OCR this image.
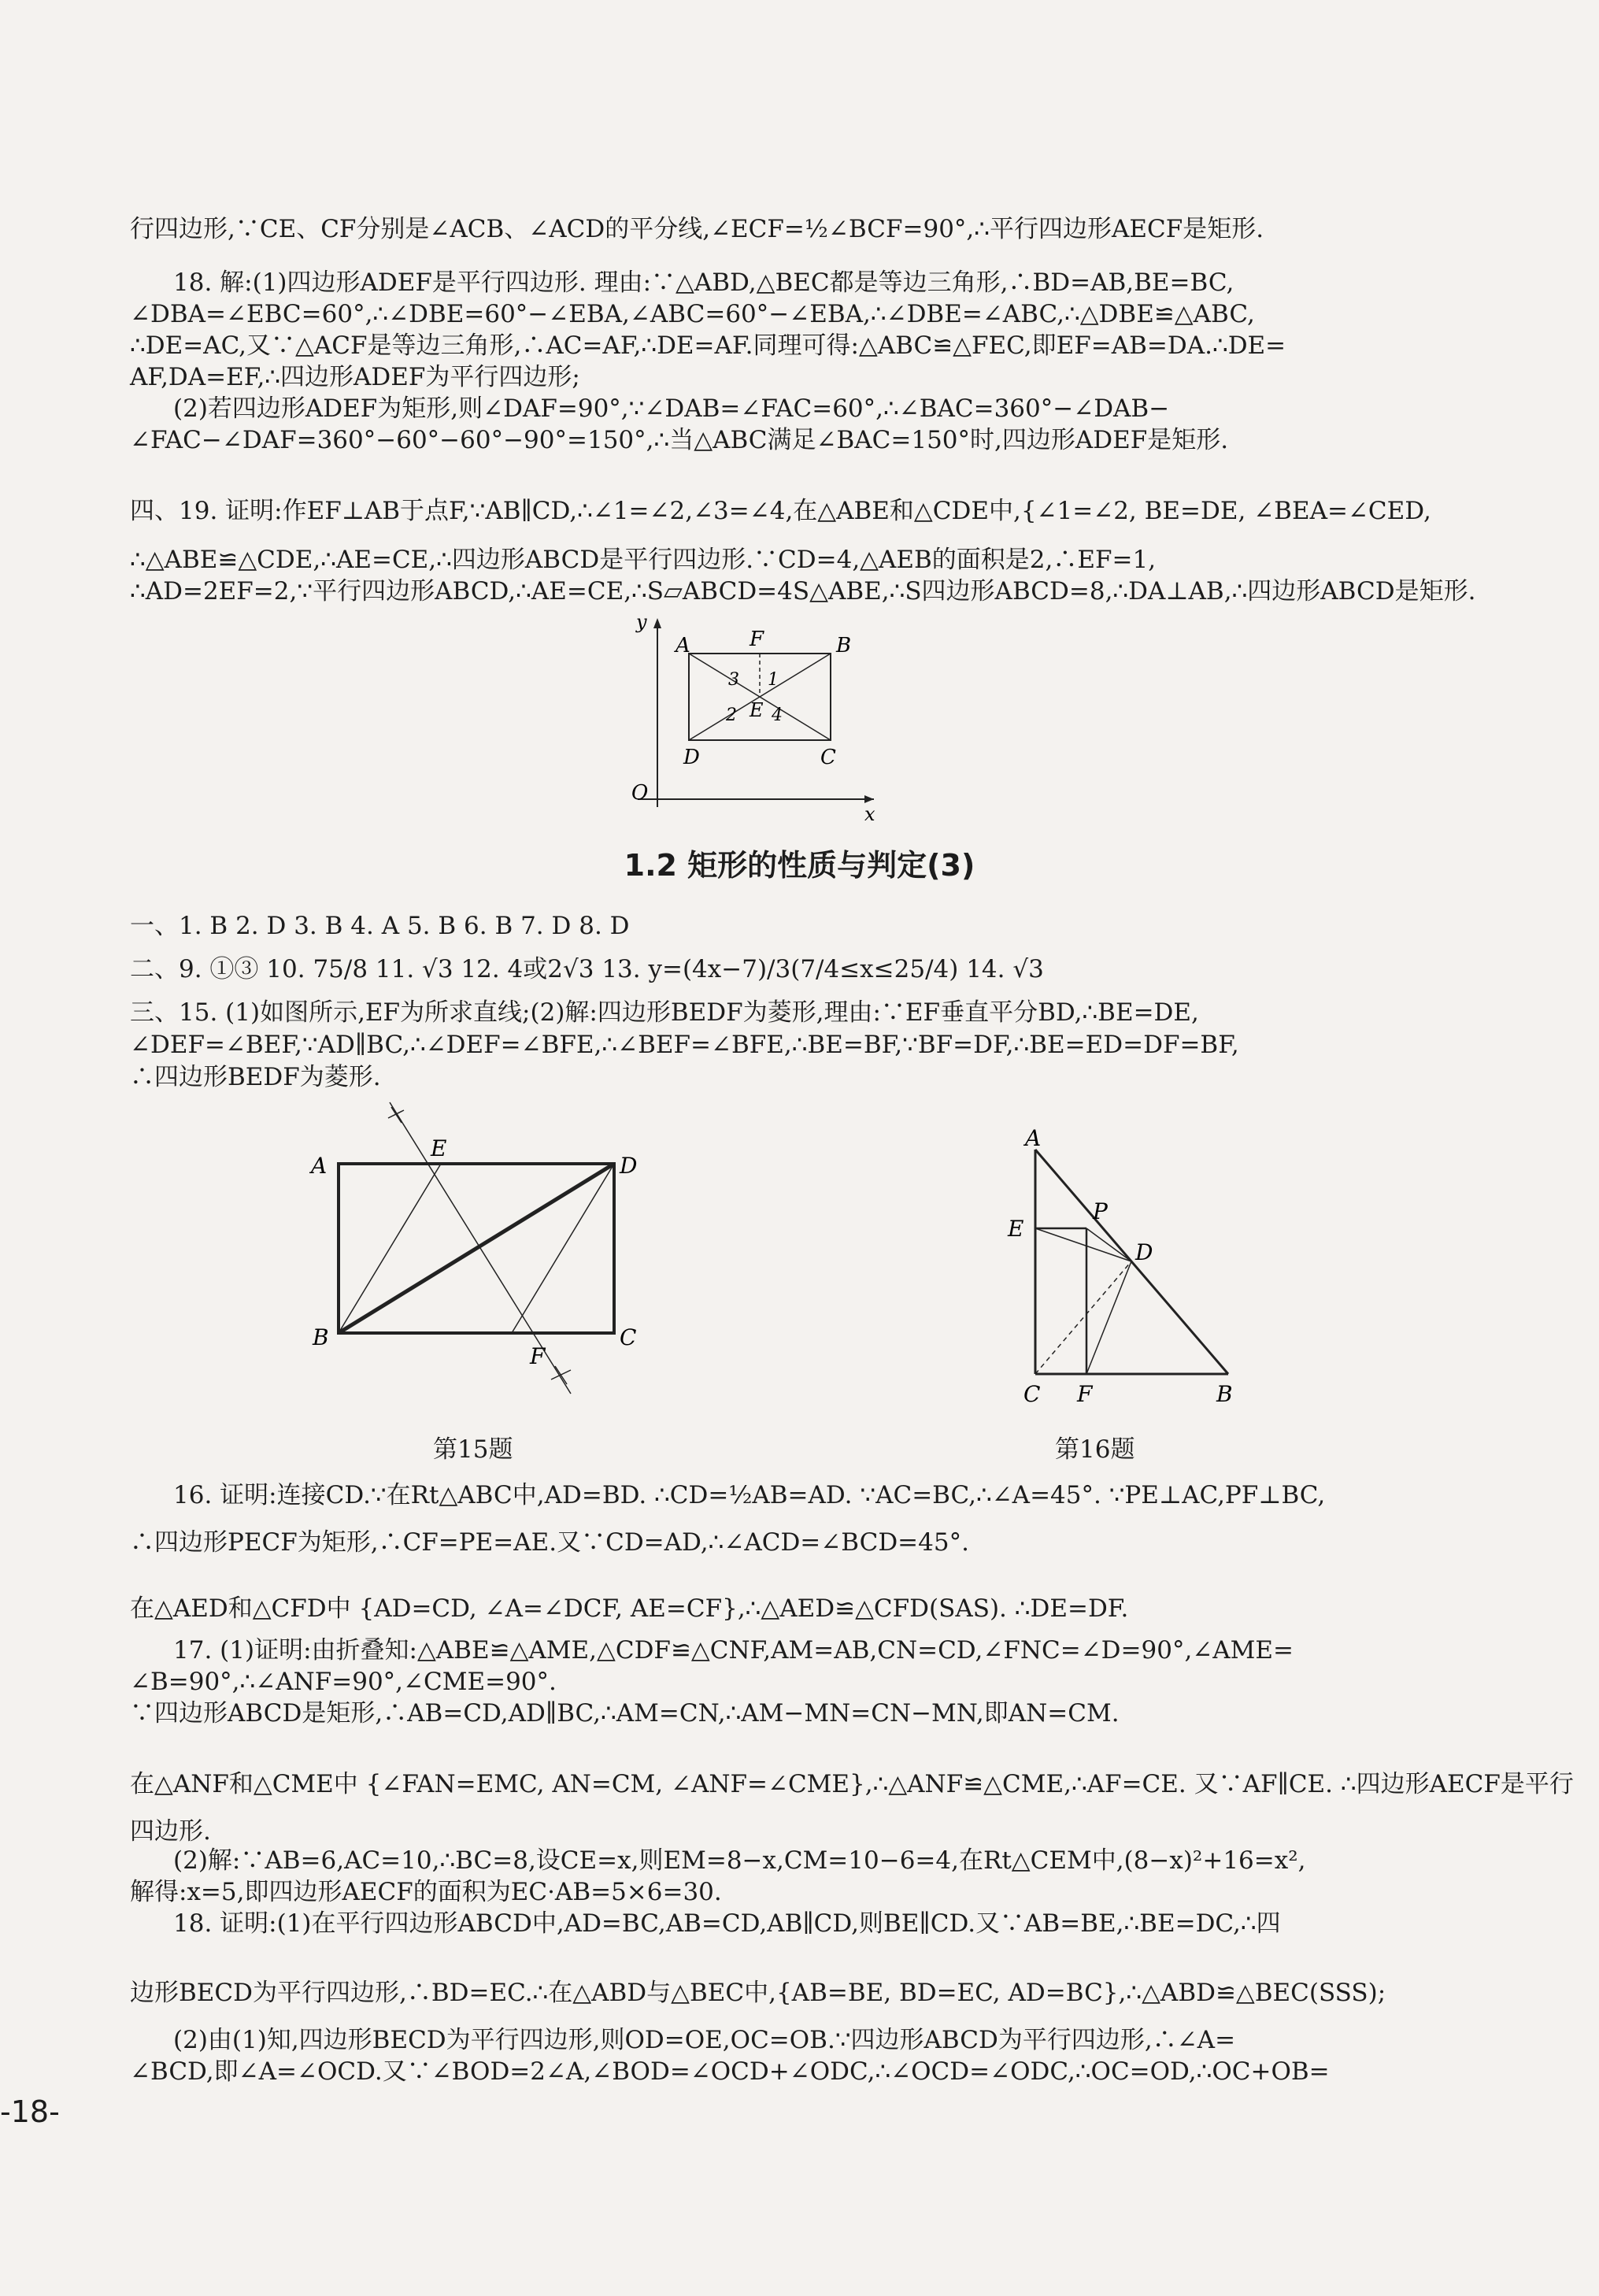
行四边形,∵CE、CF分别是∠ACB、∠ACD的平分线,∠ECF=½∠BCF=90°,∴平行四边形AECF是矩形.
18. 解:(1)四边形ADEF是平行四边形. 理由:∵△ABD,△BEC都是等边三角形,∴BD=AB,BE=BC,
∠DBA=∠EBC=60°,∴∠DBE=60°−∠EBA,∠ABC=60°−∠EBA,∴∠DBE=∠ABC,∴△DBE≌△ABC,
∴DE=AC,又∵△ACF是等边三角形,∴AC=AF,∴DE=AF.同理可得:△ABC≌△FEC,即EF=AB=DA.∴DE=
AF,DA=EF,∴四边形ADEF为平行四边形;
(2)若四边形ADEF为矩形,则∠DAF=90°,∵∠DAB=∠FAC=60°,∴∠BAC=360°−∠DAB−
∠FAC−∠DAF=360°−60°−60°−90°=150°,∴当△ABC满足∠BAC=150°时,四边形ADEF是矩形.
四、19. 证明:作EF⊥AB于点F,∵AB∥CD,∴∠1=∠2,∠3=∠4,在△ABE和△CDE中,{∠1=∠2, BE=DE, ∠BEA=∠CED,
∴△ABE≌△CDE,∴AE=CE,∴四边形ABCD是平行四边形.∵CD=4,△AEB的面积是2,∴EF=1,
∴AD=2EF=2,∵平行四边形ABCD,∴AE=CE,∴S▱ABCD=4S△ABE,∴S四边形ABCD=8,∴DA⊥AB,∴四边形ABCD是矩形.
A	F	B
D	C
E
3 1
2 4
O
x
y
1.2 矩形的性质与判定(3)
一、1. B 2. D 3. B 4. A 5. B 6. B 7. D 8. D
二、9. ①③ 10. 75/8 11. √3 12. 4或2√3 13. y=(4x−7)/3(7/4≤x≤25/4) 14. √3
三、15. (1)如图所示,EF为所求直线;(2)解:四边形BEDF为菱形,理由:∵EF垂直平分BD,∴BE=DE,
∠DEF=∠BEF,∵AD∥BC,∴∠DEF=∠BFE,∴∠BEF=∠BFE,∴BE=BF,∵BF=DF,∴BE=ED=DF=BF,
∴四边形BEDF为菱形.
A
E
D
B	C
F
第15题
A
E
P
D
C F	B
第16题
16. 证明:连接CD.∵在Rt△ABC中,AD=BD. ∴CD=½AB=AD. ∵AC=BC,∴∠A=45°. ∵PE⊥AC,PF⊥BC,
∴四边形PECF为矩形,∴CF=PE=AE.又∵CD=AD,∴∠ACD=∠BCD=45°.
在△AED和△CFD中 {AD=CD, ∠A=∠DCF, AE=CF},∴△AED≌△CFD(SAS). ∴DE=DF.
17. (1)证明:由折叠知:△ABE≌△AME,△CDF≌△CNF,AM=AB,CN=CD,∠FNC=∠D=90°,∠AME=
∠B=90°,∴∠ANF=90°,∠CME=90°.
∵四边形ABCD是矩形,∴AB=CD,AD∥BC,∴AM=CN,∴AM−MN=CN−MN,即AN=CM.
在△ANF和△CME中 {∠FAN=EMC, AN=CM, ∠ANF=∠CME},∴△ANF≌△CME,∴AF=CE. 又∵AF∥CE. ∴四边形AECF是平行
四边形.
(2)解:∵AB=6,AC=10,∴BC=8,设CE=x,则EM=8−x,CM=10−6=4,在Rt△CEM中,(8−x)²+16=x²,
解得:x=5,即四边形AECF的面积为EC·AB=5×6=30.
18. 证明:(1)在平行四边形ABCD中,AD=BC,AB=CD,AB∥CD,则BE∥CD.又∵AB=BE,∴BE=DC,∴四
边形BECD为平行四边形,∴BD=EC.∴在△ABD与△BEC中,{AB=BE, BD=EC, AD=BC},∴△ABD≌△BEC(SSS);
(2)由(1)知,四边形BECD为平行四边形,则OD=OE,OC=OB.∵四边形ABCD为平行四边形,∴∠A=
∠BCD,即∠A=∠OCD.又∵∠BOD=2∠A,∠BOD=∠OCD+∠ODC,∴∠OCD=∠ODC,∴OC=OD,∴OC+OB=
-18-
